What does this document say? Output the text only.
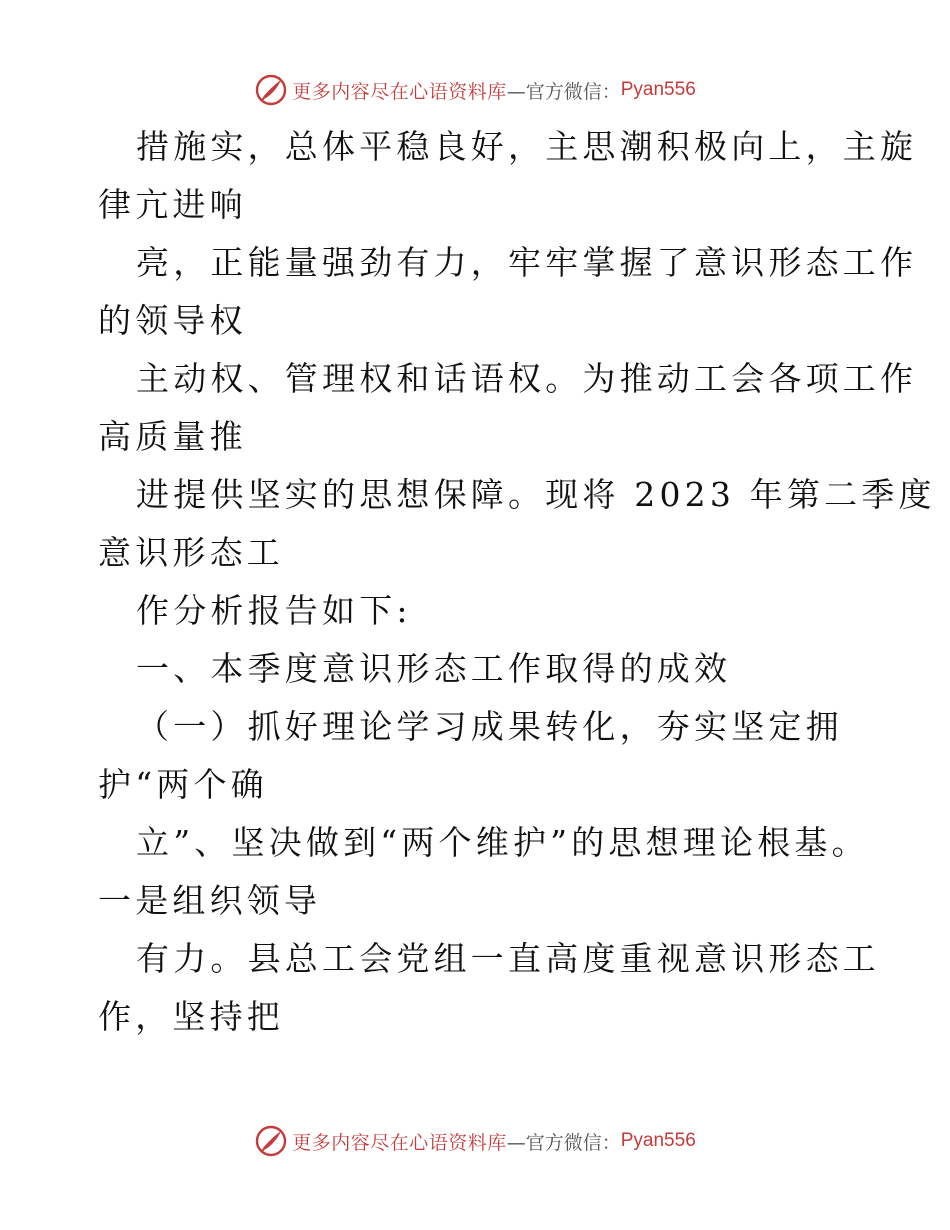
更多内容尽在心语资料库 —官方微信： Pyan556
措施实，总体平稳良好，主思潮积极向上，主旋
律亢进响
亮，正能量强劲有力，牢牢掌握了意识形态工作
的领导权
主动权、管理权和话语权。为推动工会各项工作
高质量推
进提供坚实的思想保障。现将 2023 年第二季度
意识形态工
作分析报告如下:
一、本季度意识形态工作取得的成效
（一）抓好理论学习成果转化，夯实坚定拥
护“两个确
立”、坚决做到“两个维护”的思想理论根基。
一是组织领导
有力。县总工会党组一直高度重视意识形态工
作，坚持把
更多内容尽在心语资料库 —官方微信： Pyan556
